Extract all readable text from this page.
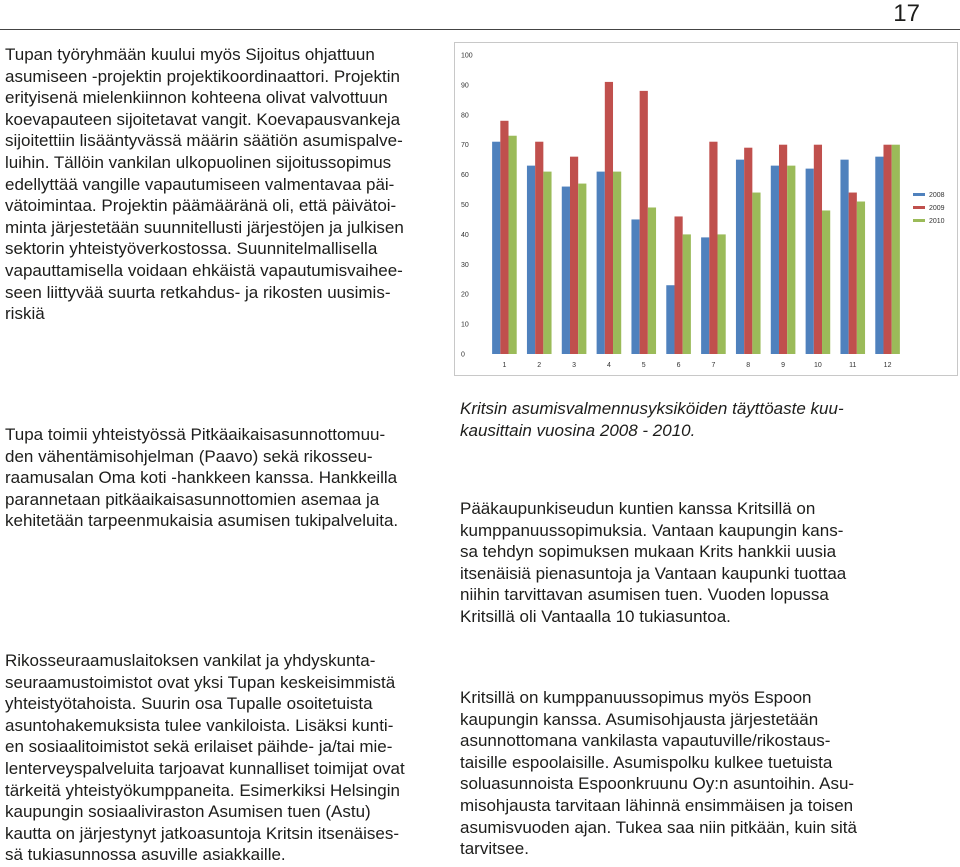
17

Tupan työryhmään kuului myös Sijoitus ohjattuun
asumiseen -projektin projektikoordinaattori. Projektin
erityisenä mielenkiinnon kohteena olivat valvottuun
koevapauteen sijoitetavat vangit. Koevapausvankeja
sijoitettiin lisääntyvässä määrin säätiön asumispalve-
luihin. Tällöin vankilan ulkopuolinen sijoitussopimus
edellyttää vangille vapautumiseen valmentavaa päi-
vätoimintaa. Projektin päämääränä oli, että päivätoi-
minta järjestetään suunnitellusti järjestöjen ja julkisen
sektorin yhteistyöverkostossa. Suunnitelmallisella
vapauttamisella voidaan ehkäistä vapautumisvaihee-
seen liittyvää suurta retkahdus- ja rikosten uusimis-
riskiä

0
10
20
30
40
50
60
70
80
90
100
1	2	3	4	5	6	7	8	9	10	11	12
2008
2009
2010

Kritsin asumisvalmennusyksiköiden täyttöaste kuu-
kausittain vuosina 2008 - 2010.

Tupa toimii yhteistyössä Pitkäaikaisasunnottomuu-
den vähentämisohjelman (Paavo) sekä rikosseu-
raamusalan Oma koti -hankkeen kanssa. Hankkeilla
parannetaan pitkäaikaisasunnottomien asemaa ja
kehitetään tarpeenmukaisia asumisen tukipalveluita.

Pääkaupunkiseudun kuntien kanssa Kritsillä on
kumppanuussopimuksia. Vantaan kaupungin kans-
sa tehdyn sopimuksen mukaan Krits hankkii uusia
itsenäisiä pienasuntoja ja Vantaan kaupunki tuottaa
niihin tarvittavan asumisen tuen. Vuoden lopussa
Kritsillä oli Vantaalla 10 tukiasuntoa.

Rikosseuraamuslaitoksen vankilat ja yhdyskunta-
seuraamustoimistot ovat yksi Tupan keskeisimmistä
yhteistyötahoista. Suurin osa Tupalle osoitetuista
asuntohakemuksista tulee vankiloista. Lisäksi kunti-
en sosiaalitoimistot sekä erilaiset päihde- ja/tai mie-
lenterveyspalveluita tarjoavat kunnalliset toimijat ovat
tärkeitä yhteistyökumppaneita. Esimerkiksi Helsingin
kaupungin sosiaaliviraston Asumisen tuen (Astu)
kautta on järjestynyt jatkoasuntoja Kritsin itsenäises-
sä tukiasunnossa asuville asiakkaille.

Kritsillä on kumppanuussopimus myös Espoon
kaupungin kanssa. Asumisohjausta järjestetään
asunnottomana vankilasta vapautuville/rikostaus-
taisille espoolaisille. Asumispolku kulkee tuetuista
soluasunnoista Espoonkruunu Oy:n asuntoihin. Asu-
misohjausta tarvitaan lähinnä ensimmäisen ja toisen
asumisvuoden ajan. Tukea saa niin pitkään, kuin sitä
tarvitsee.
